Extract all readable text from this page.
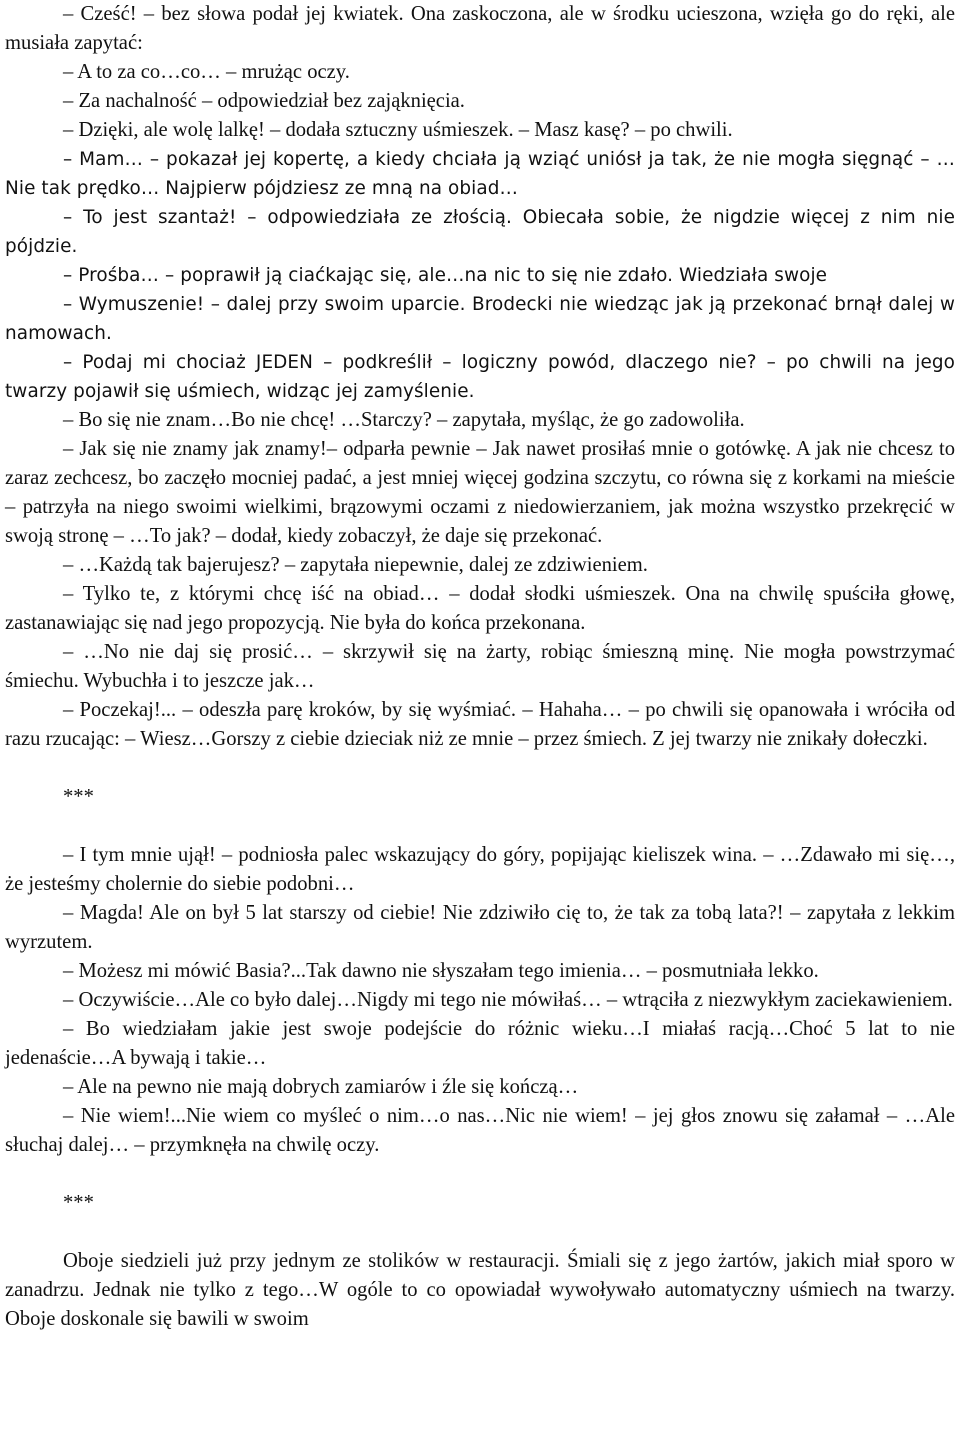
– Cześć! – bez słowa podał jej kwiatek. Ona zaskoczona, ale w środku ucieszona, wzięła go do ręki, ale musiała zapytać:

– A to za co…co… – mrużąc oczy.

– Za nachalność – odpowiedział bez zająknięcia.

– Dzięki, ale wolę lalkę! – dodała sztuczny uśmieszek. – Masz kasę? – po chwili.

– Mam… – pokazał jej kopertę, a kiedy chciała ją wziąć uniósł ja tak, że nie mogła sięgnąć – …Nie tak prędko… Najpierw pójdziesz ze mną na obiad…

– To jest szantaż! – odpowiedziała ze złością. Obiecała sobie, że nigdzie więcej z nim nie pójdzie.

– Prośba… – poprawił ją ciaćkając się, ale…na nic to się nie zdało. Wiedziała swoje

– Wymuszenie! – dalej przy swoim uparcie. Brodecki nie wiedząc jak ją przekonać brnął dalej w namowach.

– Podaj mi chociaż JEDEN – podkreślił – logiczny powód, dlaczego nie? – po chwili na jego twarzy pojawił się uśmiech, widząc jej zamyślenie.

– Bo się nie znam…Bo nie chcę! …Starczy? – zapytała, myśląc, że go zadowoliła.

– Jak się nie znamy jak znamy!– odparła pewnie – Jak nawet prosiłaś mnie o gotówkę. A jak nie chcesz to zaraz zechcesz, bo zaczęło mocniej padać, a jest mniej więcej godzina szczytu, co równa się z korkami na mieście – patrzyła na niego swoimi wielkimi, brązowymi oczami z niedowierzaniem, jak można wszystko przekręcić w swoją stronę – …To jak? – dodał, kiedy zobaczył, że daje się przekonać.

– …Każdą tak bajerujesz? – zapytała niepewnie, dalej ze zdziwieniem.

– Tylko te, z którymi chcę iść na obiad… – dodał słodki uśmieszek. Ona na chwilę spuściła głowę, zastanawiając się nad jego propozycją. Nie była do końca przekonana.

– …No nie daj się prosić… – skrzywił się na żarty, robiąc śmieszną minę. Nie mogła powstrzymać śmiechu. Wybuchła i to jeszcze jak…

– Poczekaj!... – odeszła parę kroków, by się wyśmiać. – Hahaha… – po chwili się opanowała i wróciła od razu rzucając: – Wiesz…Gorszy z ciebie dzieciak niż ze mnie – przez śmiech. Z jej twarzy nie znikały dołeczki.

***

– I tym mnie ujął! – podniosła palec wskazujący do góry, popijając kieliszek wina. – …Zdawało mi się…, że jesteśmy cholernie do siebie podobni…

– Magda! Ale on był 5 lat starszy od ciebie! Nie zdziwiło cię to, że tak za tobą lata?! – zapytała z lekkim wyrzutem.

– Możesz mi mówić Basia?...Tak dawno nie słyszałam tego imienia… – posmutniała lekko.

– Oczywiście…Ale co było dalej…Nigdy mi tego nie mówiłaś… – wtrąciła z niezwykłym zaciekawieniem.

– Bo wiedziałam jakie jest swoje podejście do różnic wieku…I miałaś racją…Choć 5 lat to nie jedenaście…A bywają i takie…

– Ale na pewno nie mają dobrych zamiarów i źle się kończą…

– Nie wiem!...Nie wiem co myśleć o nim…o nas…Nic nie wiem! – jej głos znowu się załamał – …Ale słuchaj dalej… – przymknęła na chwilę oczy.

***

Oboje siedzieli już przy jednym ze stolików w restauracji. Śmiali się z jego żartów, jakich miał sporo w zanadrzu. Jednak nie tylko z tego…W ogóle to co opowiadał wywoływało automatyczny uśmiech na twarzy. Oboje doskonale się bawili w swoim
